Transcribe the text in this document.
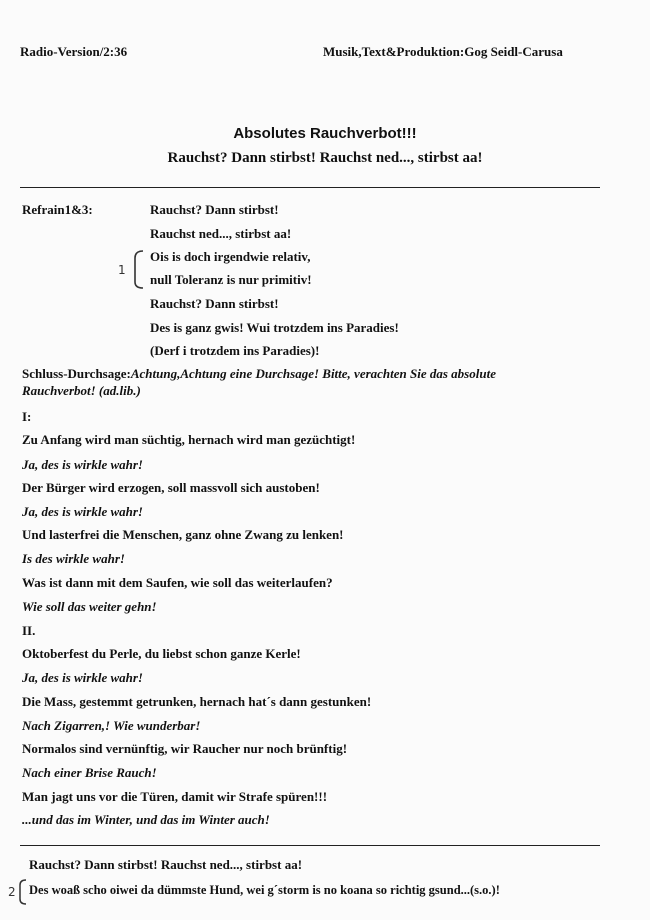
Radio-Version/2:36	Musik,Text&Produktion:Gog Seidl-Carusa
Absolutes Rauchverbot!!!
Rauchst? Dann stirbst! Rauchst ned..., stirbst aa!
Refrain1&3:	Rauchst? Dann stirbst!
Rauchst ned..., stirbst aa!
Ois is doch irgendwie relativ,
null Toleranz is nur primitiv!
Rauchst? Dann stirbst!
Des is ganz gwis! Wui trotzdem ins Paradies!
(Derf i trotzdem ins Paradies)!
1
Schluss-Durchsage:Achtung,Achtung eine Durchsage! Bitte, verachten Sie das absolute
Rauchverbot! (ad.lib.)
I:
Zu Anfang wird man süchtig, hernach wird man gezüchtigt!
Ja, des is wirkle wahr!
Der Bürger wird erzogen, soll massvoll sich austoben!
Ja, des is wirkle wahr!
Und lasterfrei die Menschen, ganz ohne Zwang zu lenken!
Is des wirkle wahr!
Was ist dann mit dem Saufen, wie soll das weiterlaufen?
Wie soll das weiter gehn!
II.
Oktoberfest du Perle, du liebst schon ganze Kerle!
Ja, des is wirkle wahr!
Die Mass, gestemmt getrunken, hernach hat´s dann gestunken!
Nach Zigarren,! Wie wunderbar!
Normalos sind vernünftig, wir Raucher nur noch brünftig!
Nach einer Brise Rauch!
Man jagt uns vor die Türen, damit wir Strafe spüren!!!
...und das im Winter, und das im Winter auch!
Rauchst? Dann stirbst! Rauchst ned..., stirbst aa!
2 Des woaß scho oiwei da dümmste Hund, wei g´storm is no koana so richtig gsund...(s.o.)!
